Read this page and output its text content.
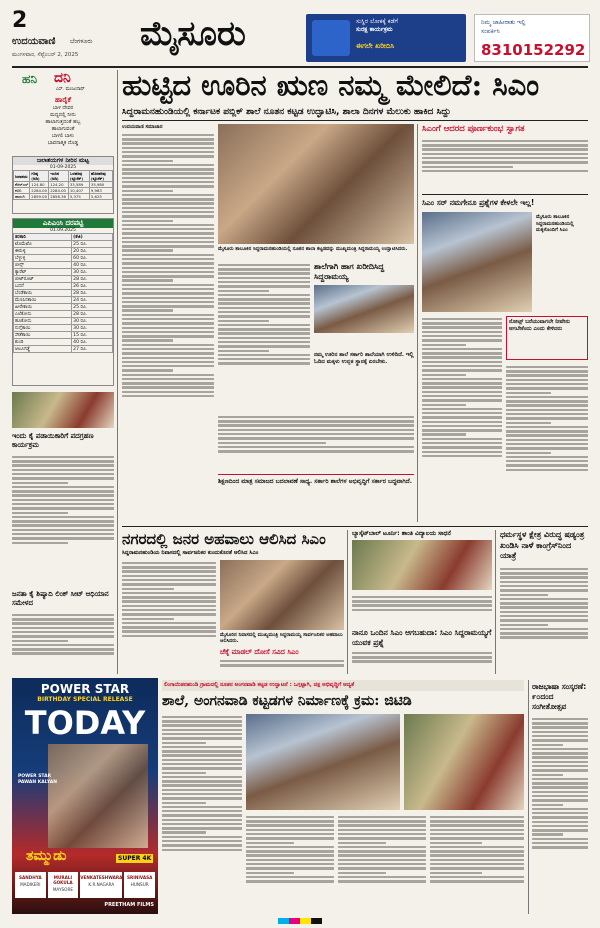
2
ಉದಯವಾಣಿ ಬೆಂಗಳೂರು
ಮಂಗಳವಾರ, ಸೆಪ್ಟೆಂಬರ್ 2, 2025
ಮೈಸೂರು	ಸುಸ್ಥಿರ ಲೋಕಕ್ಕೆ ಕಡೆಗೆ
ಸುರಕ್ಷ ಕಾರ್ಯಕ್ರಮ
ಈಗಲೇ ಖರೀದಿಸಿ
ನಿಮ್ಮ ಜಾಹೀರಾತು ಇಲ್ಲಿ
ಸಂಪರ್ಕಿಸಿ
8310152292
ಹನಿ ದನಿ
ಎಸ್. ಮಂಜುನಾಥ್
ಹಾರೈಕೆ
ಬಾಳ ದೇವರ
ಮಧ್ಯದಲ್ಲಿ ನೀನು
ಹಾಲಾಗುತ್ತದಂತೆ ಹಬ್ಬ
ಹಾಲಾಗುವಂತೆ
ಬಾಳಲಿ ಬಾಳು
ಭಾವನಾತ್ಮಕ ದೊಡ್ಡ
ಜಲಾಶಯಗಳ ನೀರಿನ ಮಟ್ಟ
01-09-2025
ಜಲಾಶಯ	ಗರಿಷ್ಠ (ಅಡಿ)	ಇಂದಿನ (ಅಡಿ)	ಒಳಹರಿವು (ಕ್ಯೂಸೆಕ್)	ಹೊರಹರಿವು (ಕ್ಯೂಸೆಕ್)
ಕೆಆರ್‌ಎಸ್	124.80	124.20	33,589	35,980
ಕಬಿನಿ	2284.00	2284.00	10,407	9,983
ಹಾರಂಗಿ	2859.00	2858.36	5,375	5,625
ಎಪಿಎಂಸಿ ದರಪಟ್ಟಿ
01.09.2025
ತರಕಾರಿ	(ಕೆಜಿ)
ಟೊಮೆಟೊ	25 ರೂ.
ಈರುಳ್ಳಿ	20 ರೂ.
ಬೆಳ್ಳುಳ್ಳಿ	60 ರೂ.
ಬೀನ್ಸ್	40 ರೂ.
ಕ್ಯಾರೆಟ್	30 ರೂ.
ಬೀಟ್‌ರೂಟ್	28 ರೂ.
ಬದನೆ	26 ರೂ.
ಬೆಂಡೆಕಾಯಿ	28 ರೂ.
ಮೆಣಸಿನಕಾಯಿ	24 ರೂ.
ಹೀರೇಕಾಯಿ	25 ರೂ.
ಎಲೆಕೋಸು	28 ರೂ.
ಹೂಕೋಸು	30 ರೂ.
ನುಗ್ಗೆಕಾಯಿ	30 ರೂ.
ಸೌತೆಕಾಯಿ	15 ರೂ.
ಶುಂಠಿ	40 ರೂ.
ಆಲೂಗಡ್ಡೆ	27 ರೂ.
ಇಂದು ಕೈ ಪಡಾಯಿಕಾರಿಗೆ ಪದಗ್ರಹಣ ಕಾರ್ಯಕ್ರಮ
ಜನತಾ ಕೈ ಶಿಷ್ಯಾದಿ ಲಿಂಕ್ ಸೀಟ್ ಆಧಿಯಾನ ಸಮೇಳದ
ಹುಟ್ಟಿದ ಊರಿನ ಋಣ ನಮ್ಮ ಮೇಲಿದೆ: ಸಿಎಂ
ಸಿದ್ದರಾಮನಹುಂಡಿಯಲ್ಲಿ ಕರ್ನಾಟಕ ಪಬ್ಲಿಕ್ ಶಾಲೆ ನೂತನ ಕಟ್ಟಡ ಉದ್ಘಾಟಿಸಿ, ಶಾಲಾ ದಿನಗಳ ಮೆಲುಕು ಹಾಕಿದ ಸಿದ್ದು
ಉದಯವಾಣಿ ಸಮಾಚಾರ
ಮೈಸೂರು ತಾಲೂಕಿನ ಸಿದ್ದರಾಮನಹುಂಡಿಯಲ್ಲಿ ನೂತನ ಶಾಲಾ ಕಟ್ಟಡವನ್ನು ಮುಖ್ಯಮಂತ್ರಿ ಸಿದ್ದರಾಮಯ್ಯ ಉದ್ಘಾಟಿಸಿದರು.
ಶಾಲೆಗಾಗಿ ಹಾಗ ಖರೀದಿಸಿದ್ದ ಸಿದ್ದರಾಮಯ್ಯ
ನಮ್ಮ ಊರಿನ ಶಾಲೆ ಸರ್ಕಾರಿ ಶಾಲೆಯಾಗಿ ಉಳಿದಿದೆ. ಇಲ್ಲಿ ಓದಿದ ಮಕ್ಕಳು ಉನ್ನತ ಸ್ಥಾನಕ್ಕೆ ಏರಬೇಕು.
ಶಿಕ್ಷಣದಿಂದ ಮಾತ್ರ ಸಮಾಜದ ಬದಲಾವಣೆ ಸಾಧ್ಯ. ಸರ್ಕಾರಿ ಶಾಲೆಗಳ ಅಭಿವೃದ್ಧಿಗೆ ಸರ್ಕಾರ ಬದ್ಧವಾಗಿದೆ.
ಸಿಎಂಗೆ ಆದರದ ಪೂರ್ಣಕುಂಭ ಸ್ವಾಗತ
ಸಿಎಂ ಸರ್ ನಮಗೇನೂ ಪ್ರಶ್ನೆಗಳ ಕೇಳಲೇ ಇಲ್ಲ!
ಮೈಸೂರು ತಾಲೂಕಿನ ಸಿದ್ದರಾಮನಹುಂಡಿಯಲ್ಲಿ ಮಕ್ಕಳೊಂದಿಗೆ ಸಿಎಂ
ನೋಟ್ಸ್ ಬರೆಯುವಾಗಲೇ ನೀವೇನು ಆಗಬೇಕೆಂದು ಎಂದು ಕೇಳಿದರು
ನಗರದಲ್ಲಿ ಜನರ ಅಹವಾಲು ಆಲಿಸಿದ ಸಿಎಂ
ಸಿದ್ದರಾಮನಹುಂಡಿಯ ನಿವಾಸದಲ್ಲಿ ಸಾರ್ವಜನಿಕರ ಕುಂದುಕೊರತೆ ಆಲಿಸಿದ ಸಿಎಂ
ಮೈಸೂರಿನ ನಿವಾಸದಲ್ಲಿ ಮುಖ್ಯಮಂತ್ರಿ ಸಿದ್ದರಾಮಯ್ಯ ಸಾರ್ವಜನಿಕರ ಅಹವಾಲು ಆಲಿಸಿದರು.
ಚೆಕ್ಕೆ ಮಾಡಲ್ ದೋಸೆ ಸವಿದ ಸಿಎಂ
ಬ್ಯಾಸ್ಕೆಟ್‌ಬಾಲ್ ಟೂರ್ನಿ: ಶಾಂತಿ ವಿದ್ಯಾಲಯ ಸಾಧನೆ
ನಾನೂ ಒಂದಿನ ಸಿಎಂ ಆಗಬಹುದಾ: ಸಿಎಂ ಸಿದ್ದರಾಮಯ್ಯಗೆ ಯುವಕ ಪ್ರಶ್ನೆ
ಧರ್ಮಸ್ಥಳ ಕ್ಷೇತ್ರ ವಿರುದ್ಧ ಷಡ್ಯಂತ್ರ ಖಂಡಿಸಿ ನಾಳೆ ಕಾಂಗ್ರೆಸ್‌ನಿಂದ ಯಾತ್ರೆ
POWER STAR
BIRTHDAY SPECIAL RELEASE
TODAY
POWER STAR PAWAN KALYAN
ತಮ್ಮುಡು	SUPER 4K
SANDHYA
MADIKERI
MURALI GOKULA
MAYSORE
VENKATESHWARA
K.R.NAGARA
SRINIVASA
HUNSUR
PREETHAM FILMS
ಲಿಂಗಾಯಿತನಹುಂಡಿ ಗ್ರಾಮದಲ್ಲಿ ನೂತನ ಅಂಗನವಾಡಿ ಕಟ್ಟಡ ಉದ್ಘಾಟನೆ : ಒಗ್ಗಟ್ಟಾಗಿ, ದಕ್ಷ ಅಭಿವೃದ್ಧಿಗೆ ಆದ್ಯತೆ
ಶಾಲೆ, ಅಂಗನವಾಡಿ ಕಟ್ಟಡಗಳ ನಿರ್ಮಾಣಕ್ಕೆ ಕ್ರಮ: ಜಿಟಿಡಿ
ರಾಜಭಾಷಾ ಸಂಸ್ಕರಣೆ: ೯೦ದಂದ ಸಂಗೀತೋತ್ಸವ
